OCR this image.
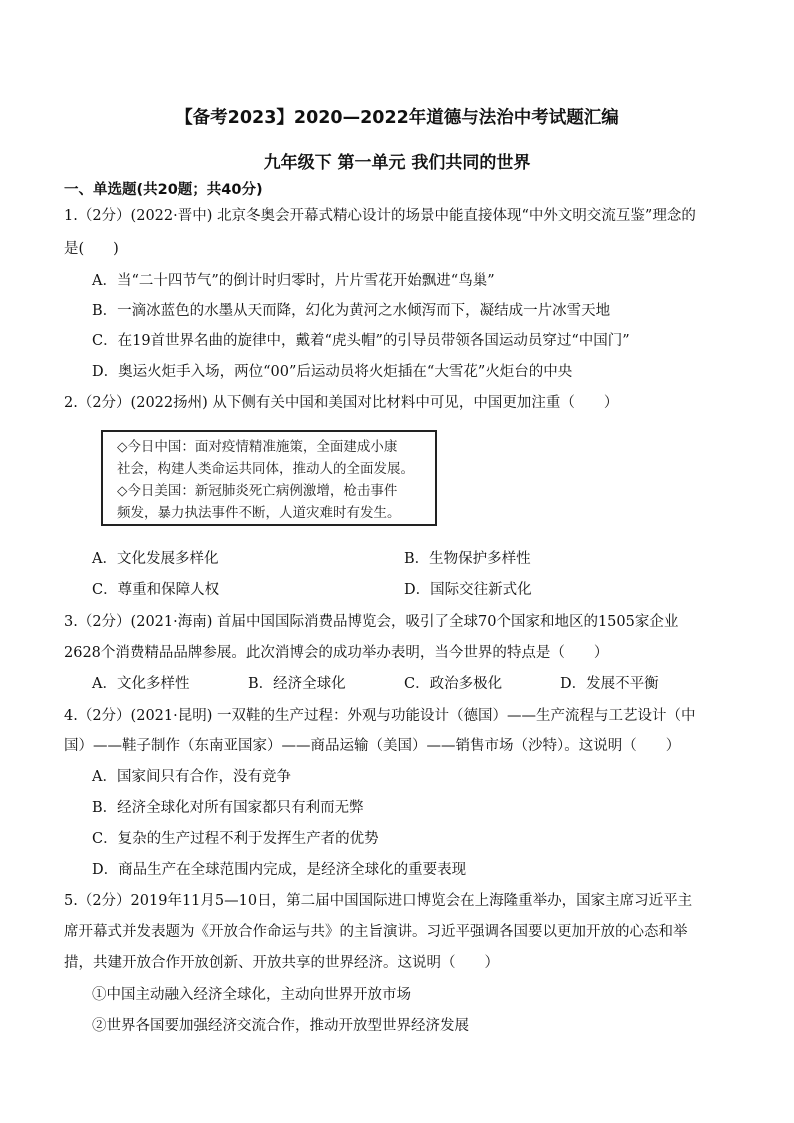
【备考2023】2020—2022年道德与法治中考试题汇编
九年级下 第一单元 我们共同的世界
一、单选题(共20题；共40分)
1.（2分）(2022·晋中) 北京冬奥会开幕式精心设计的场景中能直接体现“中外文明交流互鉴”理念的
是(　　)
A．当“二十四节气”的倒计时归零时，片片雪花开始飘进“鸟巢”
B．一滴冰蓝色的水墨从天而降，幻化为黄河之水倾泻而下，凝结成一片冰雪天地
C．在19首世界名曲的旋律中，戴着“虎头帽”的引导员带领各国运动员穿过“中国门”
D．奥运火炬手入场，两位“00”后运动员将火炬插在“大雪花”火炬台的中央
2.（2分）(2022扬州) 从下侧有关中国和美国对比材料中可见，中国更加注重（　　）
◇今日中国：面对疫情精准施策，全面建成小康
社会，构建人类命运共同体，推动人的全面发展。
◇今日美国：新冠肺炎死亡病例激增，枪击事件
频发，暴力执法事件不断，人道灾难时有发生。
A．文化发展多样化	B．生物保护多样性
C．尊重和保障人权	D．国际交往新式化
3.（2分）(2021·海南) 首届中国国际消费品博览会，吸引了全球70个国家和地区的1505家企业
2628个消费精品品牌参展。此次消博会的成功举办表明，当今世界的特点是（　　）
A．文化多样性	B．经济全球化	C．政治多极化	D．发展不平衡
4.（2分）(2021·昆明) 一双鞋的生产过程：外观与功能设计（德国）——生产流程与工艺设计（中
国）——鞋子制作（东南亚国家）——商品运输（美国）——销售市场（沙特）。这说明（　　）
A．国家间只有合作，没有竞争
B．经济全球化对所有国家都只有利而无弊
C．复杂的生产过程不利于发挥生产者的优势
D．商品生产在全球范围内完成，是经济全球化的重要表现
5.（2分）2019年11月5—10日，第二届中国国际进口博览会在上海隆重举办，国家主席习近平主
席开幕式并发表题为《开放合作命运与共》的主旨演讲。习近平强调各国要以更加开放的心态和举
措，共建开放合作开放创新、开放共享的世界经济。这说明（　　）
①中国主动融入经济全球化，主动向世界开放市场
②世界各国要加强经济交流合作，推动开放型世界经济发展
